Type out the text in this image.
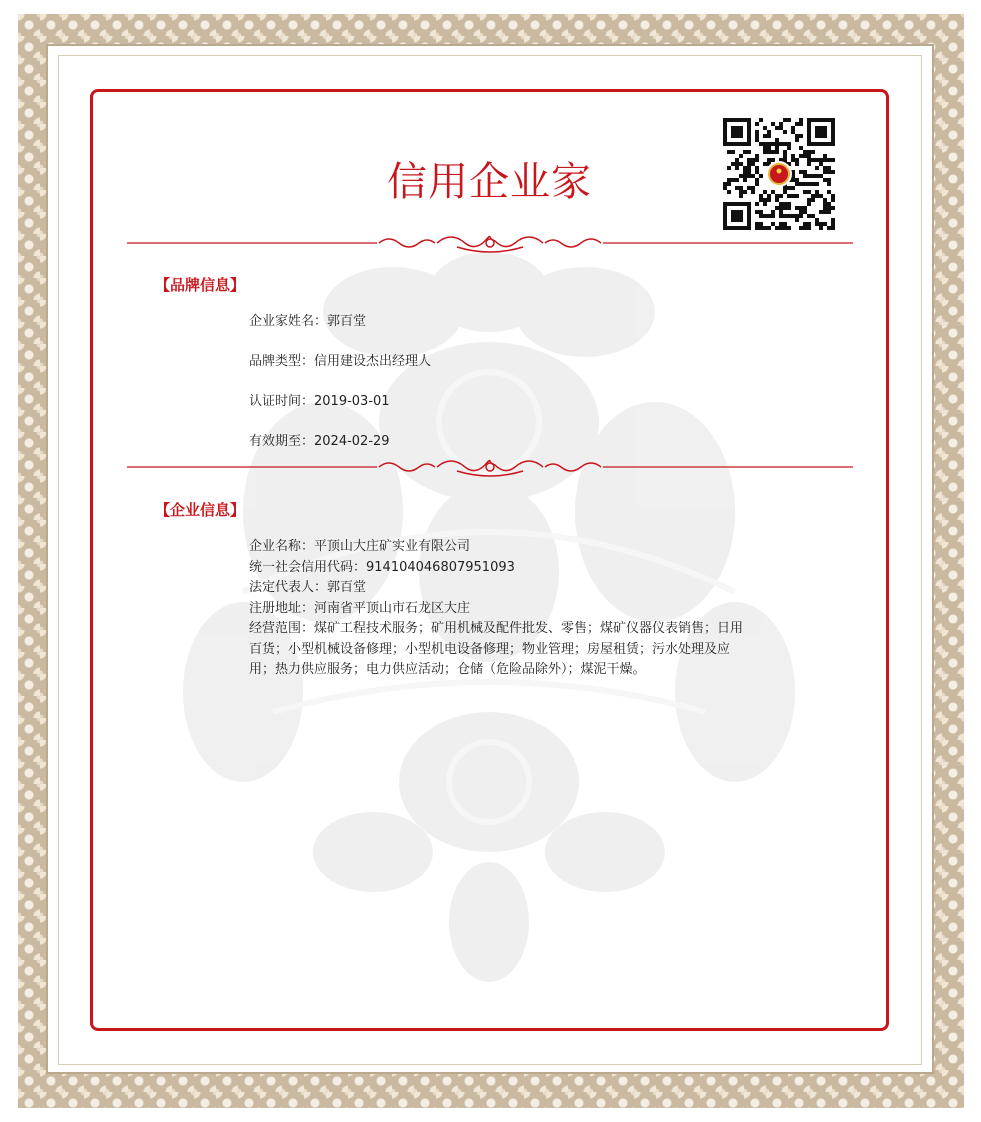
信用企业家
【品牌信息】
企业家姓名：郭百堂
品牌类型：信用建设杰出经理人
认证时间：2019-03-01
有效期至：2024-02-29
【企业信息】
企业名称：平顶山大庄矿实业有限公司
统一社会信用代码：914104046807951093
法定代表人：郭百堂
注册地址：河南省平顶山市石龙区大庄
经营范围：煤矿工程技术服务；矿用机械及配件批发、零售；煤矿仪器仪表销售；日用百货；小型机械设备修理；小型机电设备修理；物业管理；房屋租赁；污水处理及应用；热力供应服务；电力供应活动；仓储（危险品除外）；煤泥干燥。
